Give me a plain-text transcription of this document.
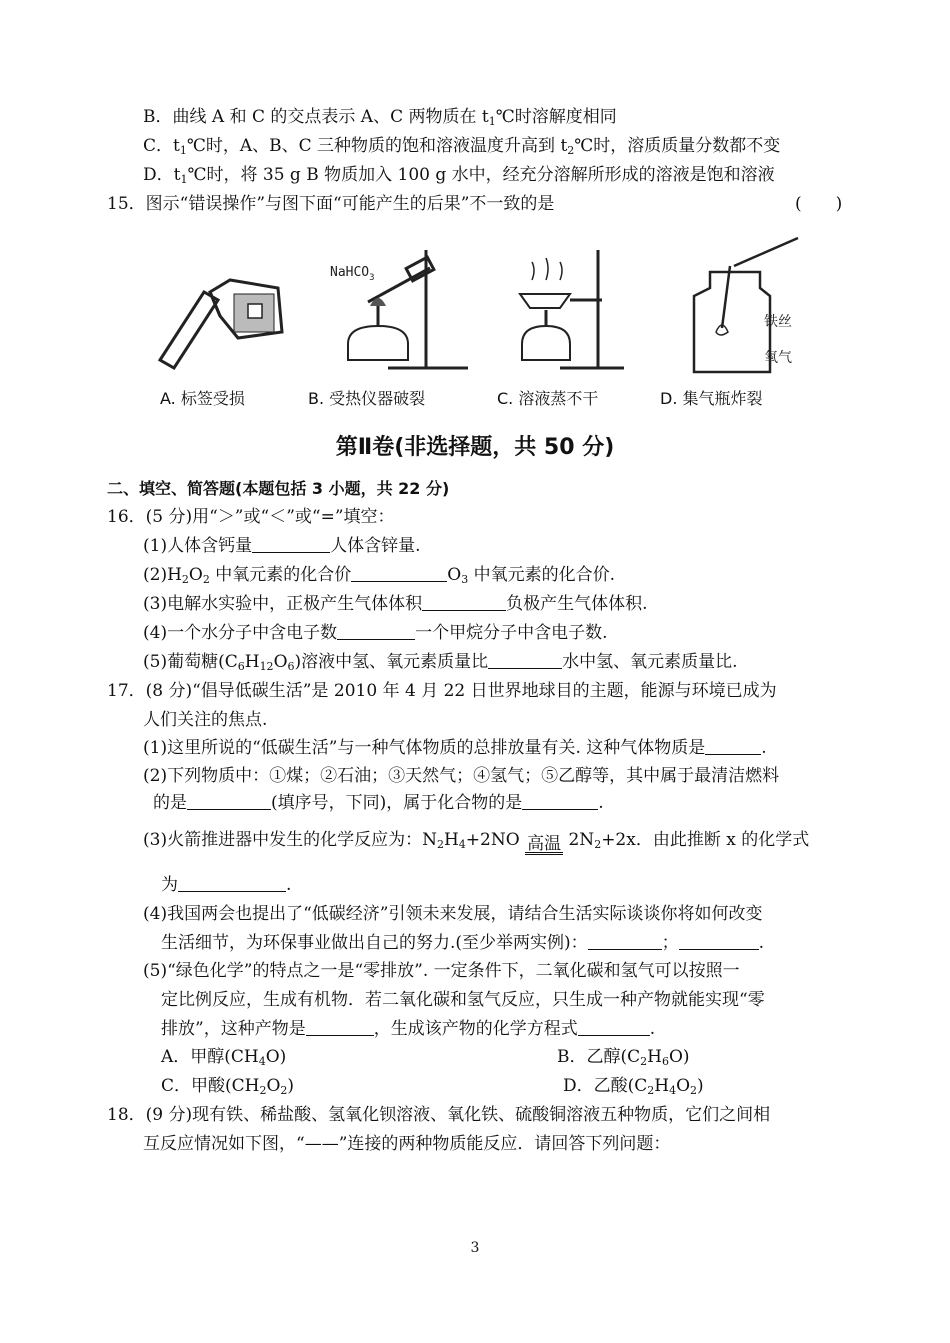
B．曲线 A 和 C 的交点表示 A、C 两物质在 $t_1℃$时溶解度相同
C．$t_1℃$时，A、B、C 三种物质的饱和溶液温度升高到 $t_2℃$时，溶质质量分数都不变
D．$t_1℃$时，将 35 g B 物质加入 100 g 水中，经充分溶解所形成的溶液是饱和溶液
15．图示“错误操作”与图下面“可能产生的后果”不一致的是	(　　)
NaHCO$_3$
铁丝
氧气
A. 标签受损	B. 受热仪器破裂	C. 溶液蒸不干	D. 集气瓶炸裂
第Ⅱ卷(非选择题，共 50 分)
二、填空、简答题(本题包括 3 小题，共 22 分)
16．(5 分)用“＞”或“＜”或“=”填空：
(1)人体含钙量	人体含锌量.
$(2)H_2O_2$ 中氧元素的化合价	$O_3$ 中氧元素的化合价.
(3)电解水实验中，正极产生气体体积	负极产生气体体积.
(4)一个水分子中含电子数	一个甲烷分子中含电子数.
(5)葡萄糖$(C_6H_{12}O_6)$溶液中氢、氧元素质量比	水中氢、氧元素质量比.
17．(8 分)“倡导低碳生活”是 2010 年 4 月 22 日世界地球目的主题，能源与环境已成为
人们关注的焦点.
(1)这里所说的“低碳生活”与一种气体物质的总排放量有关. 这种气体物质是	.
(2)下列物质中：①煤；②石油；③天然气；④氢气；⑤乙醇等，其中属于最清洁燃料
的是	(填序号，下同)，属于化合物的是	.
(3)火箭推进器中发生的化学反应为：$N_2H_4+2NO$ 高温 $2N_2+2x$．由此推断 x 的化学式
为	.
(4)我国两会也提出了“低碳经济”引领未来发展，请结合生活实际谈谈你将如何改变
生活细节，为环保事业做出自己的努力.(至少举两实例)：	；	.
(5)“绿色化学”的特点之一是“零排放”. 一定条件下，二氧化碳和氢气可以按照一
定比例反应，生成有机物．若二氧化碳和氢气反应，只生成一种产物就能实现“零
排放”，这种产物是	，生成该产物的化学方程式	.
A．甲醇$(CH_4O)$	B．乙醇$(C_2H_6O)$
C．甲酸$(CH_2O_2)$	D．乙酸$(C_2H_4O_2)$
18．(9 分)现有铁、稀盐酸、氢氧化钡溶液、氧化铁、硫酸铜溶液五种物质，它们之间相
互反应情况如下图，“——”连接的两种物质能反应．请回答下列问题：
3
